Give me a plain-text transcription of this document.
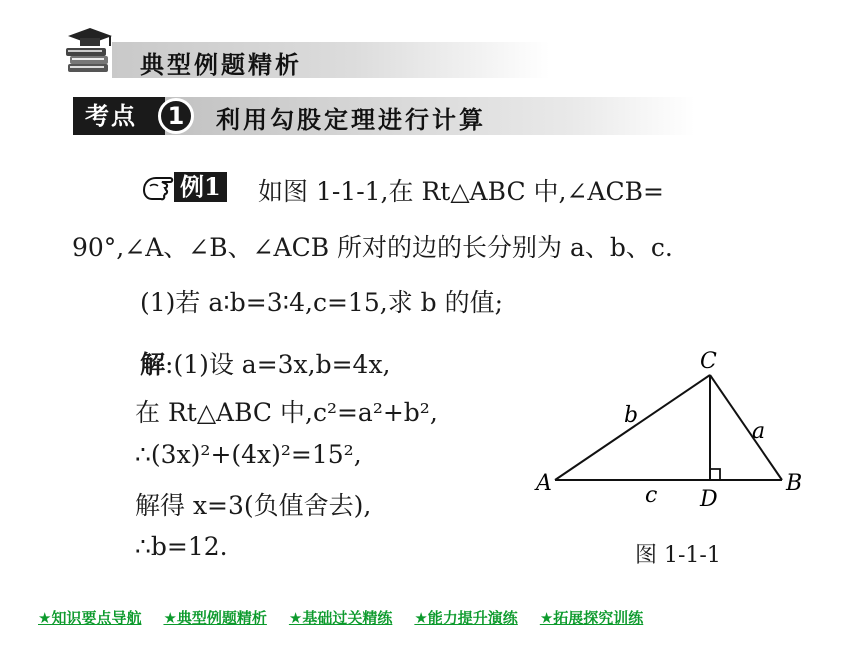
典型例题精析
考点	1	利用勾股定理进行计算
例1 如图 1-1-1,在 Rt△ABC 中,∠ACB=
90°,∠A、∠B、∠ACB 所对的边的长分别为 a、b、c.
(1)若 a∶b=3∶4,c=15,求 b 的值;
解:(1)设 a=3x,b=4x,
在 Rt△ABC 中,c²=a²+b²,
∴(3x)²+(4x)²=15²,
解得 x=3(负值舍去),
∴b=12.
C
A	B
D
b
a
c
图 1-1-1
★知识要点导航 ★典型例题精析 ★基础过关精练 ★能力提升演练 ★拓展探究训练
